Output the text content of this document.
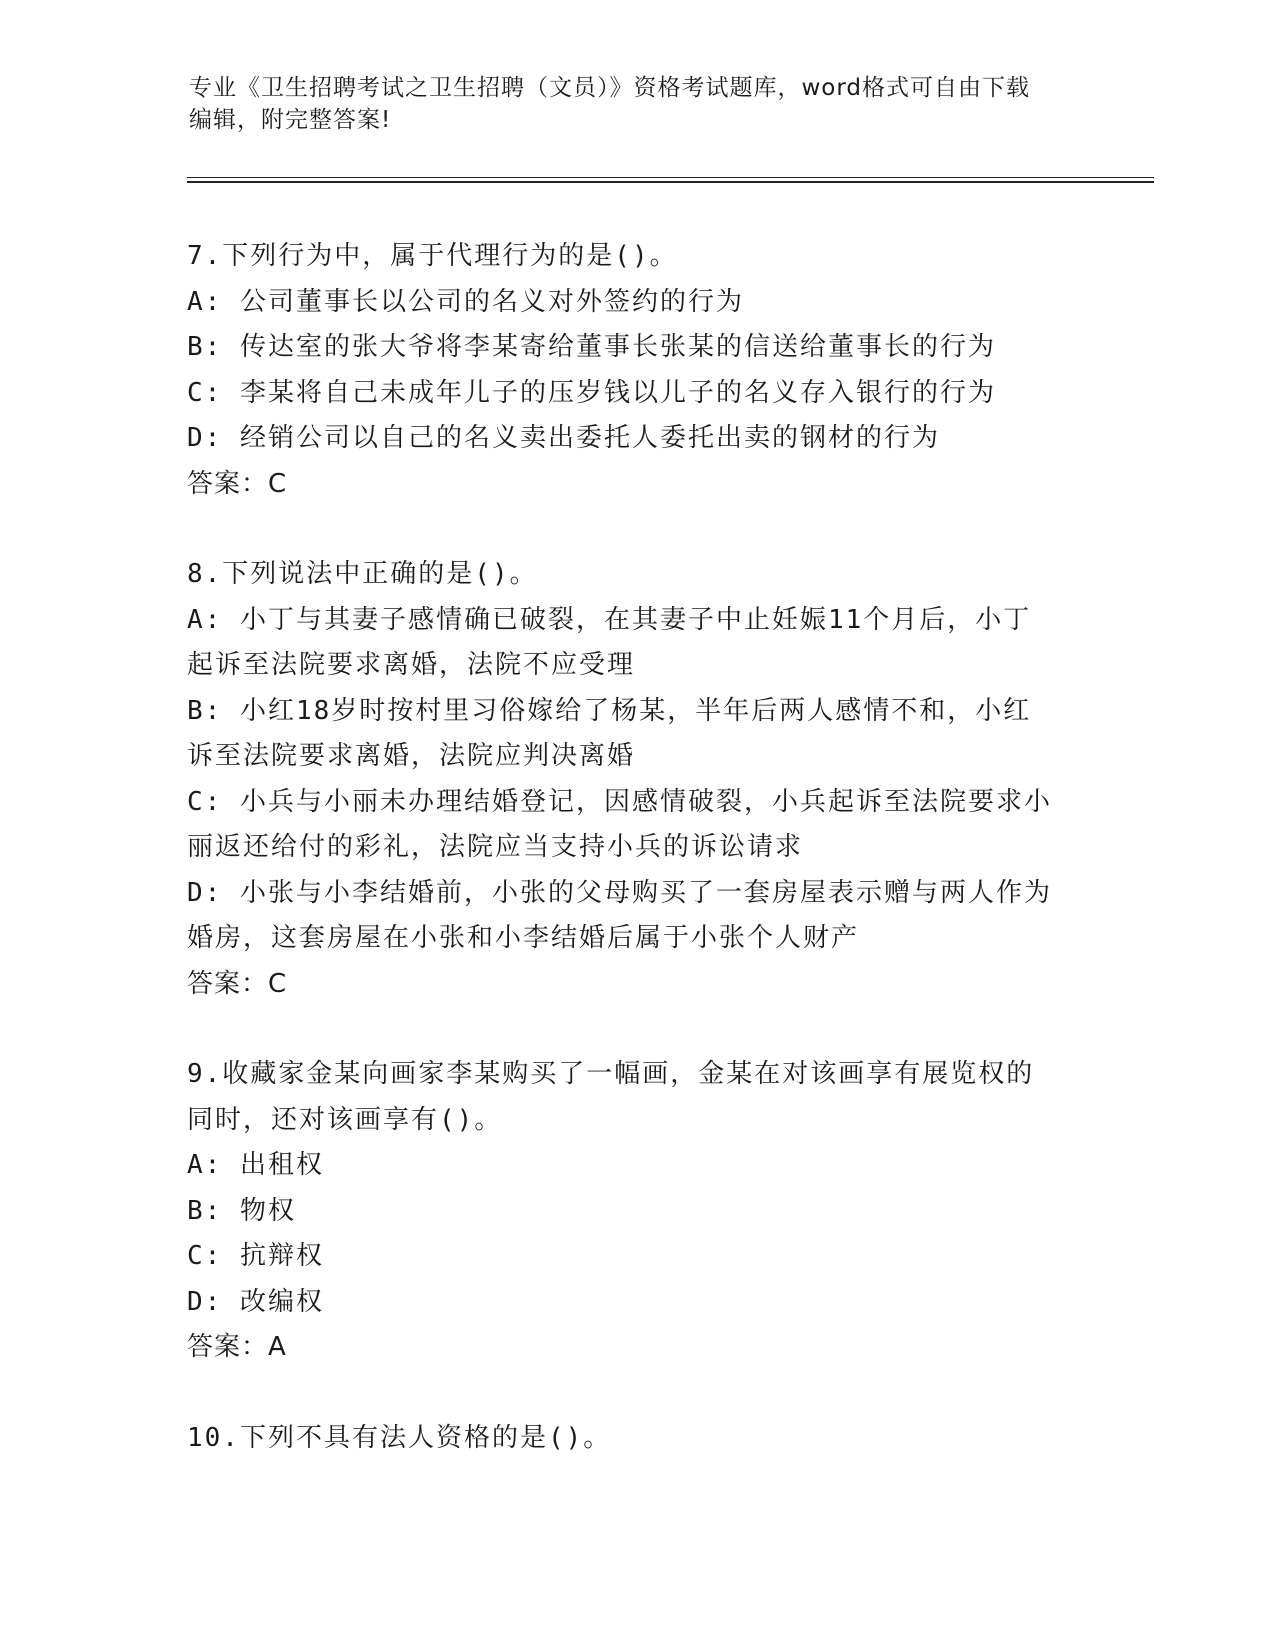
专业《卫生招聘考试之卫生招聘（文员）》资格考试题库，word格式可自由下载
编辑，附完整答案!
7.下列行为中，属于代理行为的是()。
A: 公司董事长以公司的名义对外签约的行为
B: 传达室的张大爷将李某寄给董事长张某的信送给董事长的行为
C: 李某将自己未成年儿子的压岁钱以儿子的名义存入银行的行为
D: 经销公司以自己的名义卖出委托人委托出卖的钢材的行为
答案：C
8.下列说法中正确的是()。
A: 小丁与其妻子感情确已破裂，在其妻子中止妊娠11个月后，小丁
起诉至法院要求离婚，法院不应受理
B: 小红18岁时按村里习俗嫁给了杨某，半年后两人感情不和，小红
诉至法院要求离婚，法院应判决离婚
C: 小兵与小丽未办理结婚登记，因感情破裂，小兵起诉至法院要求小
丽返还给付的彩礼，法院应当支持小兵的诉讼请求
D: 小张与小李结婚前，小张的父母购买了一套房屋表示赠与两人作为
婚房，这套房屋在小张和小李结婚后属于小张个人财产
答案：C
9.收藏家金某向画家李某购买了一幅画，金某在对该画享有展览权的
同时，还对该画享有()。
A: 出租权
B: 物权
C: 抗辩权
D: 改编权
答案：A
10.下列不具有法人资格的是()。
